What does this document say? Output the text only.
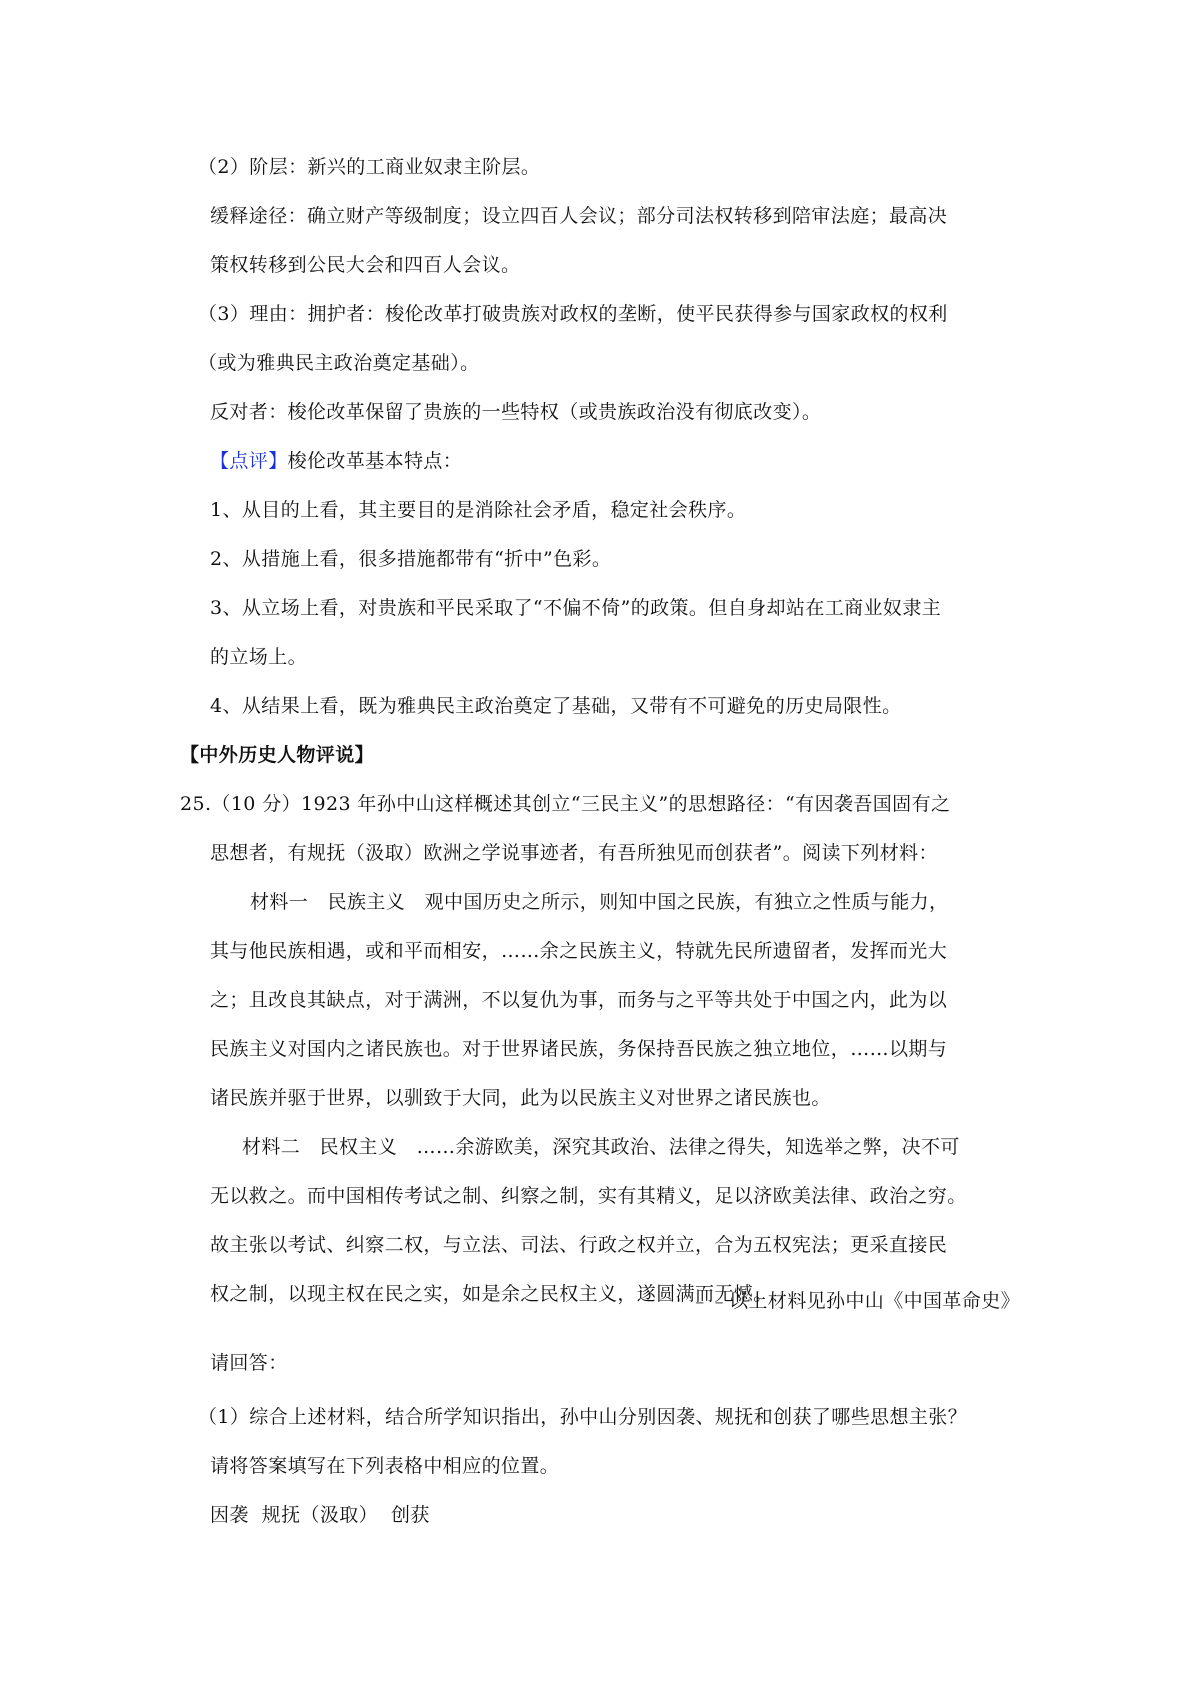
（2）阶层：新兴的工商业奴隶主阶层。
缓释途径：确立财产等级制度；设立四百人会议；部分司法权转移到陪审法庭；最高决
策权转移到公民大会和四百人会议。
（3）理由：拥护者：梭伦改革打破贵族对政权的垄断，使平民获得参与国家政权的权利
（或为雅典民主政治奠定基础）。
反对者：梭伦改革保留了贵族的一些特权（或贵族政治没有彻底改变）。
【点评】梭伦改革基本特点：
1、从目的上看，其主要目的是消除社会矛盾，稳定社会秩序。
2、从措施上看，很多措施都带有“折中”色彩。
3、从立场上看，对贵族和平民采取了“不偏不倚”的政策。但自身却站在工商业奴隶主
的立场上。
4、从结果上看，既为雅典民主政治奠定了基础，又带有不可避免的历史局限性。
【中外历史人物评说】
25.（10 分）1923 年孙中山这样概述其创立“三民主义”的思想路径：“有因袭吾国固有之
思想者，有规抚（汲取）欧洲之学说事迹者，有吾所独见而创获者”。阅读下列材料：
材料一　民族主义　观中国历史之所示，则知中国之民族，有独立之性质与能力，
其与他民族相遇，或和平而相安，……余之民族主义，特就先民所遗留者，发挥而光大
之；且改良其缺点，对于满洲，不以复仇为事，而务与之平等共处于中国之内，此为以
民族主义对国内之诸民族也。对于世界诸民族，务保持吾民族之独立地位，……以期与
诸民族并驱于世界，以驯致于大同，此为以民族主义对世界之诸民族也。
材料二　民权主义　……余游欧美，深究其政治、法律之得失，知选举之弊，决不可
无以救之。而中国相传考试之制、纠察之制，实有其精义，足以济欧美法律、政治之穷。
故主张以考试、纠察二权，与立法、司法、行政之权并立，合为五权宪法；更采直接民
权之制，以现主权在民之实，如是余之民权主义，遂圆满而无憾。
﹣﹣以上材料见孙中山《中国革命史》
请回答：
（1）综合上述材料，结合所学知识指出，孙中山分别因袭、规抚和创获了哪些思想主张？
请将答案填写在下列表格中相应的位置。
因袭  规抚（汲取）  创获
